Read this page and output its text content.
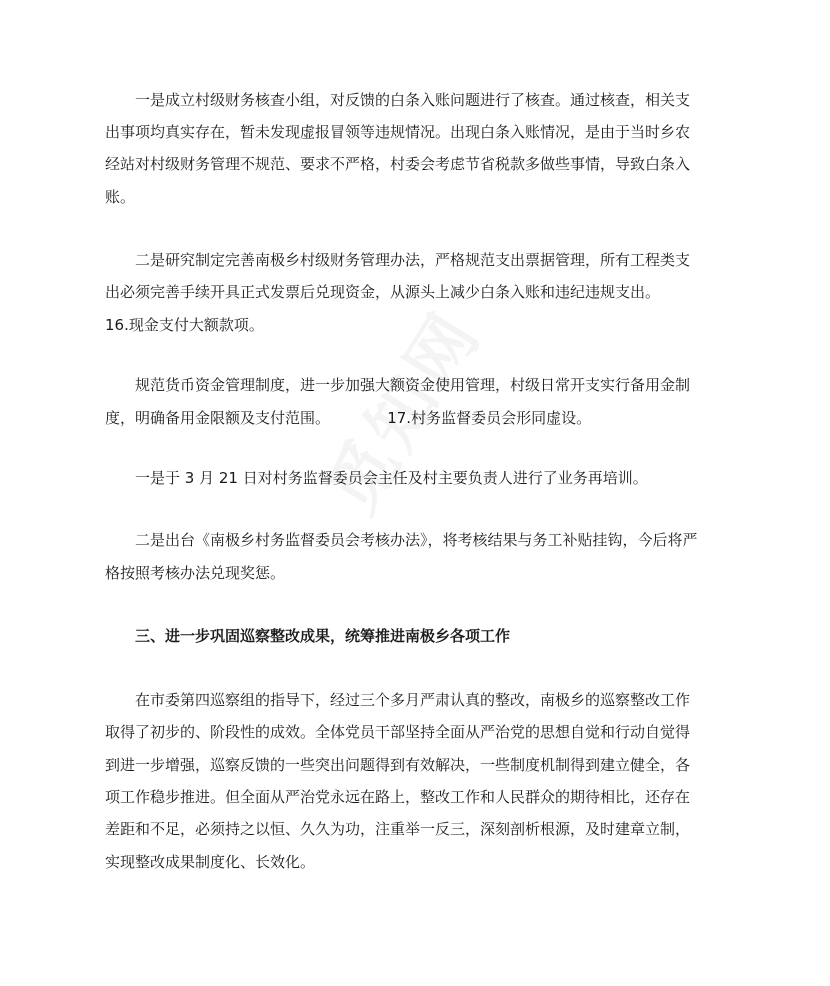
一是成立村级财务核查小组，对反馈的白条入账问题进行了核查。通过核查，相关支
出事项均真实存在，暂未发现虚报冒领等违规情况。出现白条入账情况，是由于当时乡农
经站对村级财务管理不规范、要求不严格，村委会考虑节省税款多做些事情，导致白条入
账。
二是研究制定完善南极乡村级财务管理办法，严格规范支出票据管理，所有工程类支
出必须完善手续开具正式发票后兑现资金，从源头上减少白条入账和违纪违规支出。
16.现金支付大额款项。
规范货币资金管理制度，进一步加强大额资金使用管理，村级日常开支实行备用金制
度，明确备用金限额及支付范围。            17.村务监督委员会形同虚设。
一是于 3 月 21 日对村务监督委员会主任及村主要负责人进行了业务再培训。
二是出台《南极乡村务监督委员会考核办法》，将考核结果与务工补贴挂钩，今后将严
格按照考核办法兑现奖惩。
三、进一步巩固巡察整改成果，统筹推进南极乡各项工作
在市委第四巡察组的指导下，经过三个多月严肃认真的整改，南极乡的巡察整改工作
取得了初步的、阶段性的成效。全体党员干部坚持全面从严治党的思想自觉和行动自觉得
到进一步增强，巡察反馈的一些突出问题得到有效解决，一些制度机制得到建立健全，各
项工作稳步推进。但全面从严治党永远在路上，整改工作和人民群众的期待相比，还存在
差距和不足，必须持之以恒、久久为功，注重举一反三，深刻剖析根源，及时建章立制，
实现整改成果制度化、长效化。
